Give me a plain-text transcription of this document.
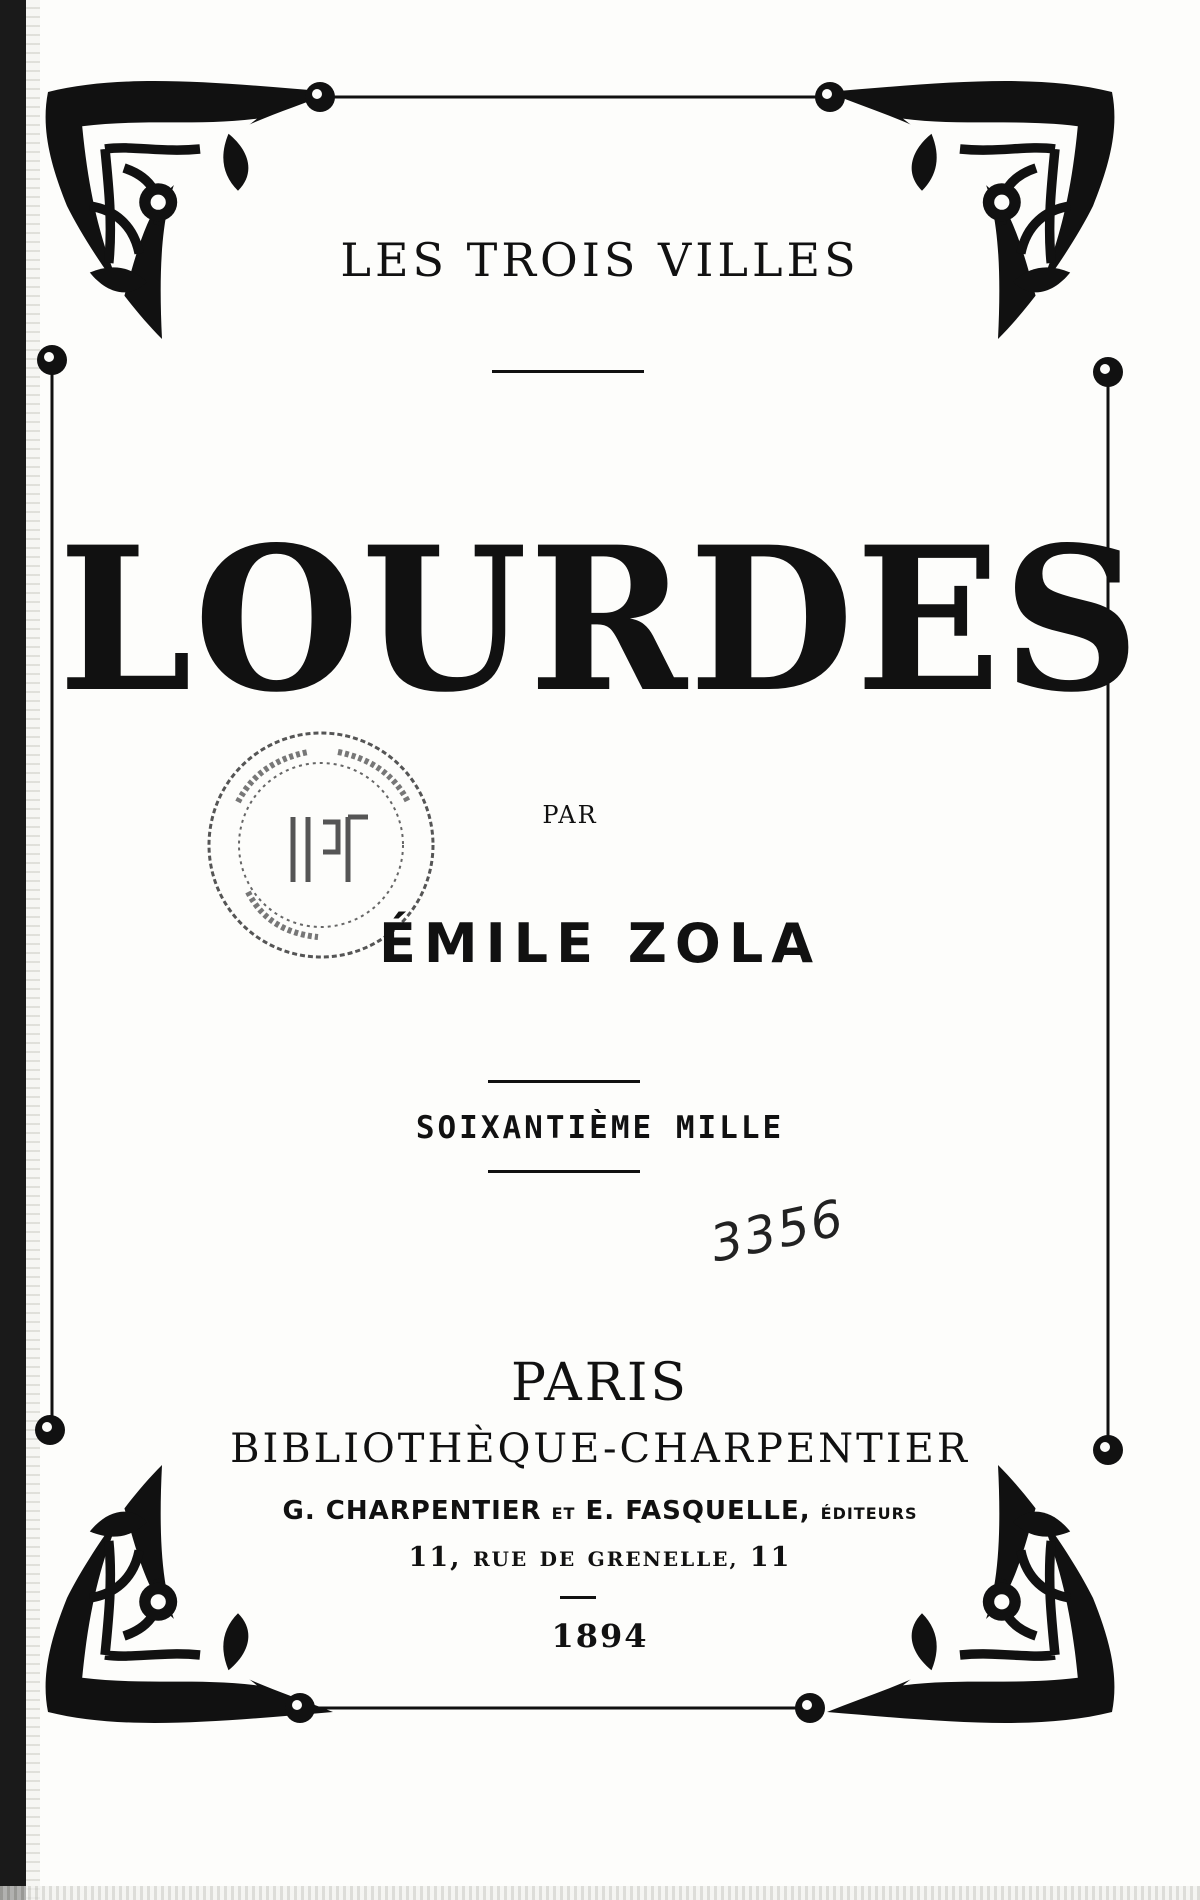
LES TROIS VILLES
LOURDES
PAR
ÉMILE ZOLA
SOIXANTIÈME MILLE
3356
PARIS
BIBLIOTHÈQUE-CHARPENTIER
G. CHARPENTIER ET E. FASQUELLE, ÉDITEURS
11, RUE DE GRENELLE, 11
1894
